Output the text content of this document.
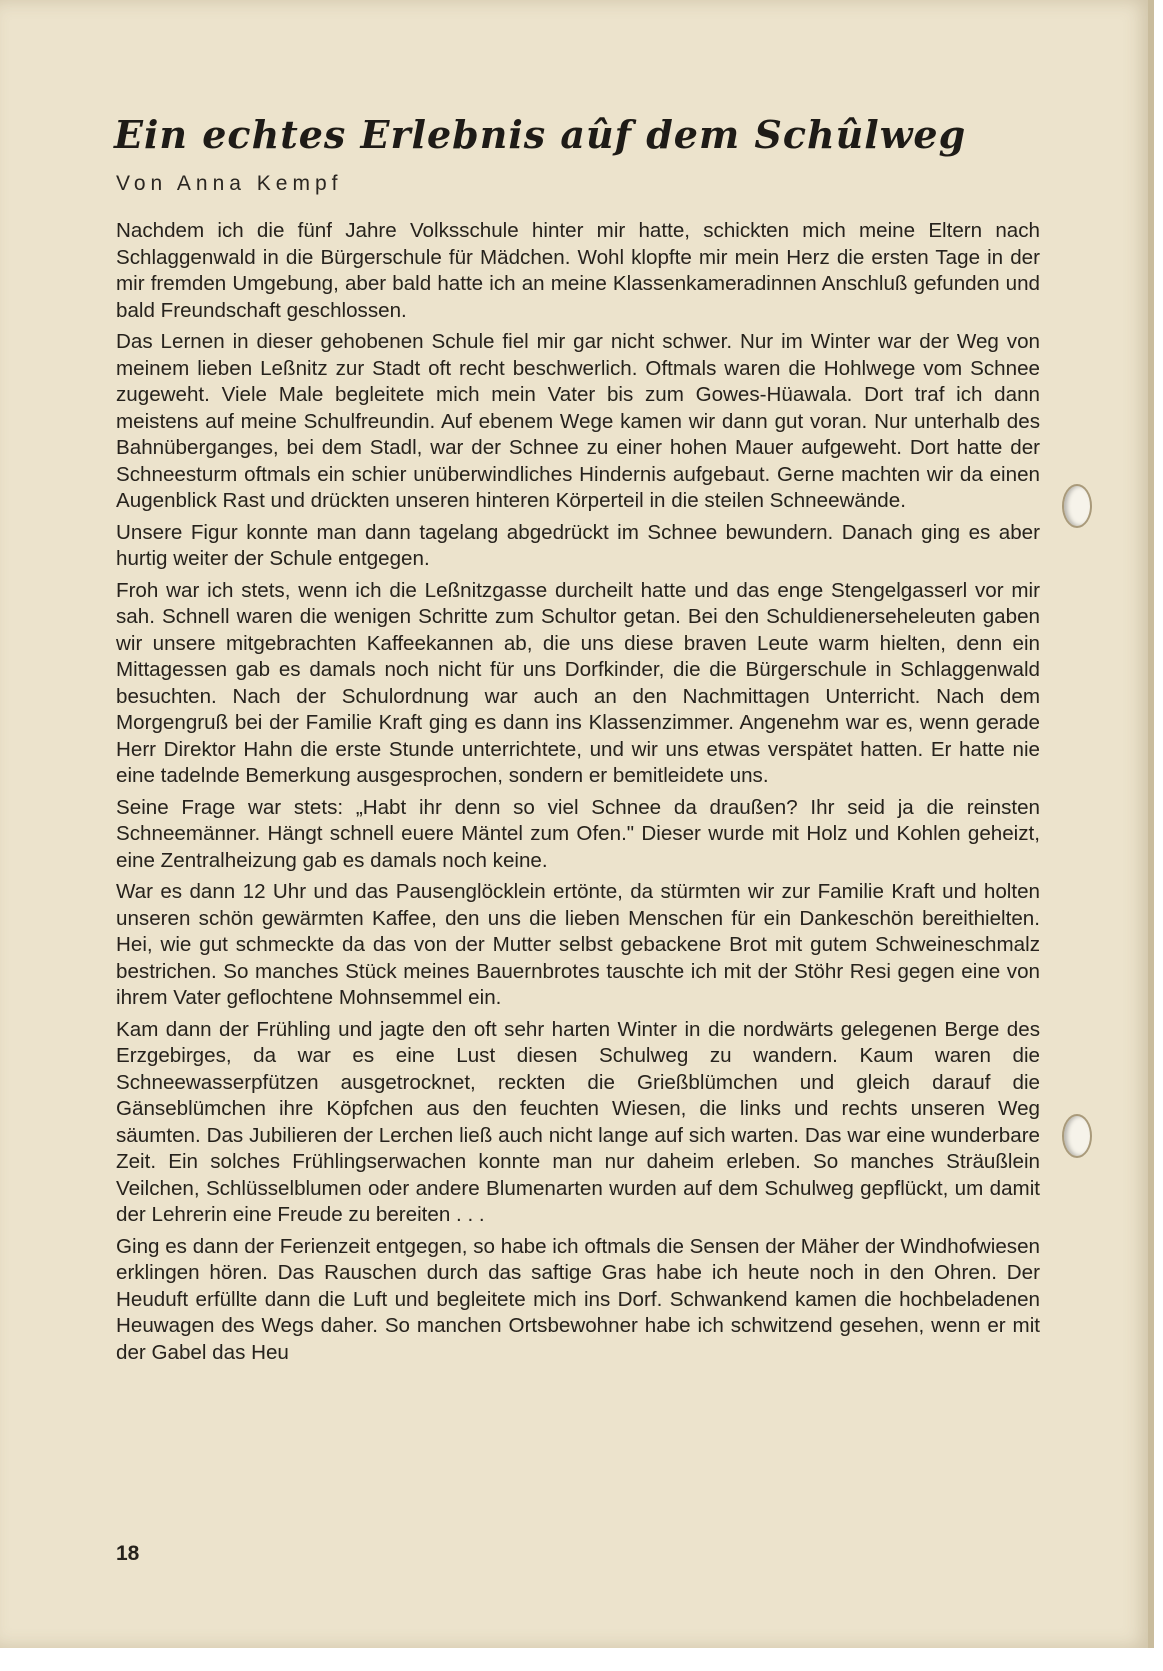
Ein echtes Erlebnis aûf dem Schûlweg
Von Anna Kempf

Nachdem ich die fünf Jahre Volksschule hinter mir hatte, schickten mich meine Eltern nach Schlaggenwald in die Bürgerschule für Mädchen. Wohl klopfte mir mein Herz die ersten Tage in der mir fremden Umgebung, aber bald hatte ich an meine Klassenkameradinnen Anschluß gefunden und bald Freundschaft geschlossen.

Das Lernen in dieser gehobenen Schule fiel mir gar nicht schwer. Nur im Winter war der Weg von meinem lieben Leßnitz zur Stadt oft recht beschwerlich. Oftmals waren die Hohlwege vom Schnee zugeweht. Viele Male begleitete mich mein Vater bis zum Gowes-Hüawala. Dort traf ich dann meistens auf meine Schulfreundin. Auf ebenem Wege kamen wir dann gut voran. Nur unterhalb des Bahnüberganges, bei dem Stadl, war der Schnee zu einer hohen Mauer aufgeweht. Dort hatte der Schneesturm oftmals ein schier unüberwindliches Hindernis aufgebaut. Gerne machten wir da einen Augenblick Rast und drückten unseren hinteren Körperteil in die steilen Schneewände.

Unsere Figur konnte man dann tagelang abgedrückt im Schnee bewundern. Danach ging es aber hurtig weiter der Schule entgegen.

Froh war ich stets, wenn ich die Leßnitzgasse durcheilt hatte und das enge Stengelgasserl vor mir sah. Schnell waren die wenigen Schritte zum Schultor getan. Bei den Schuldienerseheleuten gaben wir unsere mitgebrachten Kaffeekannen ab, die uns diese braven Leute warm hielten, denn ein Mittagessen gab es damals noch nicht für uns Dorfkinder, die die Bürgerschule in Schlaggenwald besuchten. Nach der Schulordnung war auch an den Nachmittagen Unterricht. Nach dem Morgengruß bei der Familie Kraft ging es dann ins Klassenzimmer. Angenehm war es, wenn gerade Herr Direktor Hahn die erste Stunde unterrichtete, und wir uns etwas verspätet hatten. Er hatte nie eine tadelnde Bemerkung ausgesprochen, sondern er bemitleidete uns.

Seine Frage war stets: „Habt ihr denn so viel Schnee da draußen? Ihr seid ja die reinsten Schneemänner. Hängt schnell euere Mäntel zum Ofen." Dieser wurde mit Holz und Kohlen geheizt, eine Zentralheizung gab es damals noch keine.

War es dann 12 Uhr und das Pausenglöcklein ertönte, da stürmten wir zur Familie Kraft und holten unseren schön gewärmten Kaffee, den uns die lieben Menschen für ein Dankeschön bereithielten. Hei, wie gut schmeckte da das von der Mutter selbst gebackene Brot mit gutem Schweineschmalz bestrichen. So manches Stück meines Bauernbrotes tauschte ich mit der Stöhr Resi gegen eine von ihrem Vater geflochtene Mohnsemmel ein.

Kam dann der Frühling und jagte den oft sehr harten Winter in die nordwärts gelegenen Berge des Erzgebirges, da war es eine Lust diesen Schulweg zu wandern. Kaum waren die Schneewasserpfützen ausgetrocknet, reckten die Grießblümchen und gleich darauf die Gänseblümchen ihre Köpfchen aus den feuchten Wiesen, die links und rechts unseren Weg säumten. Das Jubilieren der Lerchen ließ auch nicht lange auf sich warten. Das war eine wunderbare Zeit. Ein solches Frühlingserwachen konnte man nur daheim erleben. So manches Sträußlein Veilchen, Schlüsselblumen oder andere Blumenarten wurden auf dem Schulweg gepflückt, um damit der Lehrerin eine Freude zu bereiten . . .

Ging es dann der Ferienzeit entgegen, so habe ich oftmals die Sensen der Mäher der Windhofwiesen erklingen hören. Das Rauschen durch das saftige Gras habe ich heute noch in den Ohren. Der Heuduft erfüllte dann die Luft und begleitete mich ins Dorf. Schwankend kamen die hochbeladenen Heuwagen des Wegs daher. So manchen Ortsbewohner habe ich schwitzend gesehen, wenn er mit der Gabel das Heu

18
